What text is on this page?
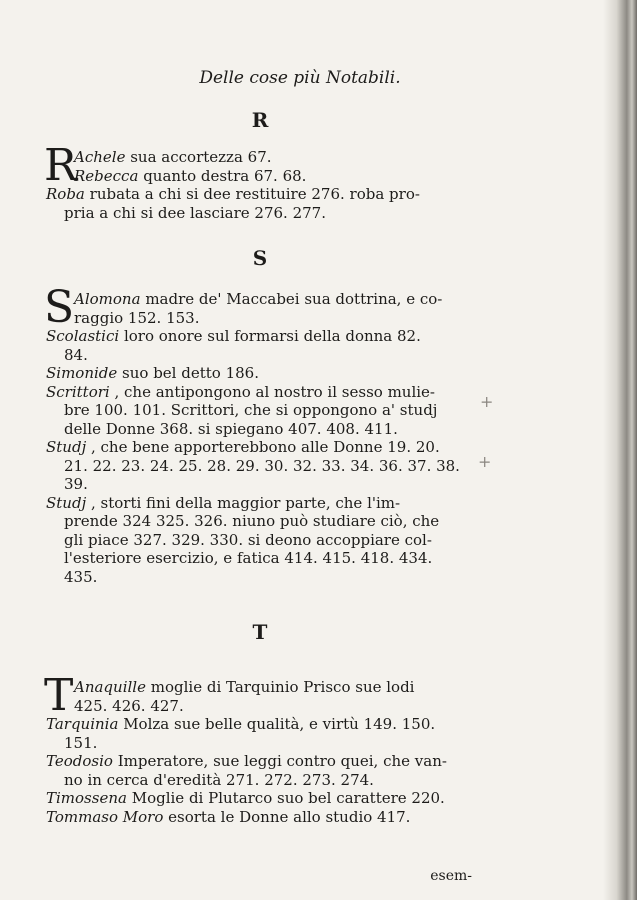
Delle cose più Notabili.
R

R
Achele sua accortezza 67.

Rebecca quanto destra 67. 68.

Roba rubata a chi si dee restituire 276. roba pro-

pria a chi si dee lasciare 276. 277.

S

S Alomona madre de' Maccabei sua dottrina, e co-

raggio 152. 153.

Scolastici loro onore sul formarsi della donna 82.

84.

Simonide suo bel detto 186.

Scrittori , che antipongono al nostro il sesso mulie-

bre 100. 101. Scrittori, che si oppongono a' studj

delle Donne 368. si spiegano 407. 408. 411.

Studj , che bene apporterebbono alle Donne 19. 20.

21. 22. 23. 24. 25. 28. 29. 30. 32. 33. 34. 36. 37. 38.

39.

Studj , storti fini della maggior parte, che l'im-

prende 324 325. 326. niuno può studiare ciò, che

gli piace 327. 329. 330. si deono accoppiare col-

l'esteriore esercizio, e fatica 414. 415. 418. 434.

435.

T

T Anaquille moglie di Tarquinio Prisco sue lodi

425. 426. 427.

Tarquinia Molza sue belle qualità, e virtù 149. 150.

151.

Teodosio Imperatore, sue leggi contro quei, che van-

no in cerca d'eredità 271. 272. 273. 274.

Timossena Moglie di Plutarco suo bel carattere 220.

Tommaso Moro esorta le Donne allo studio 417.

esem-
+
+
